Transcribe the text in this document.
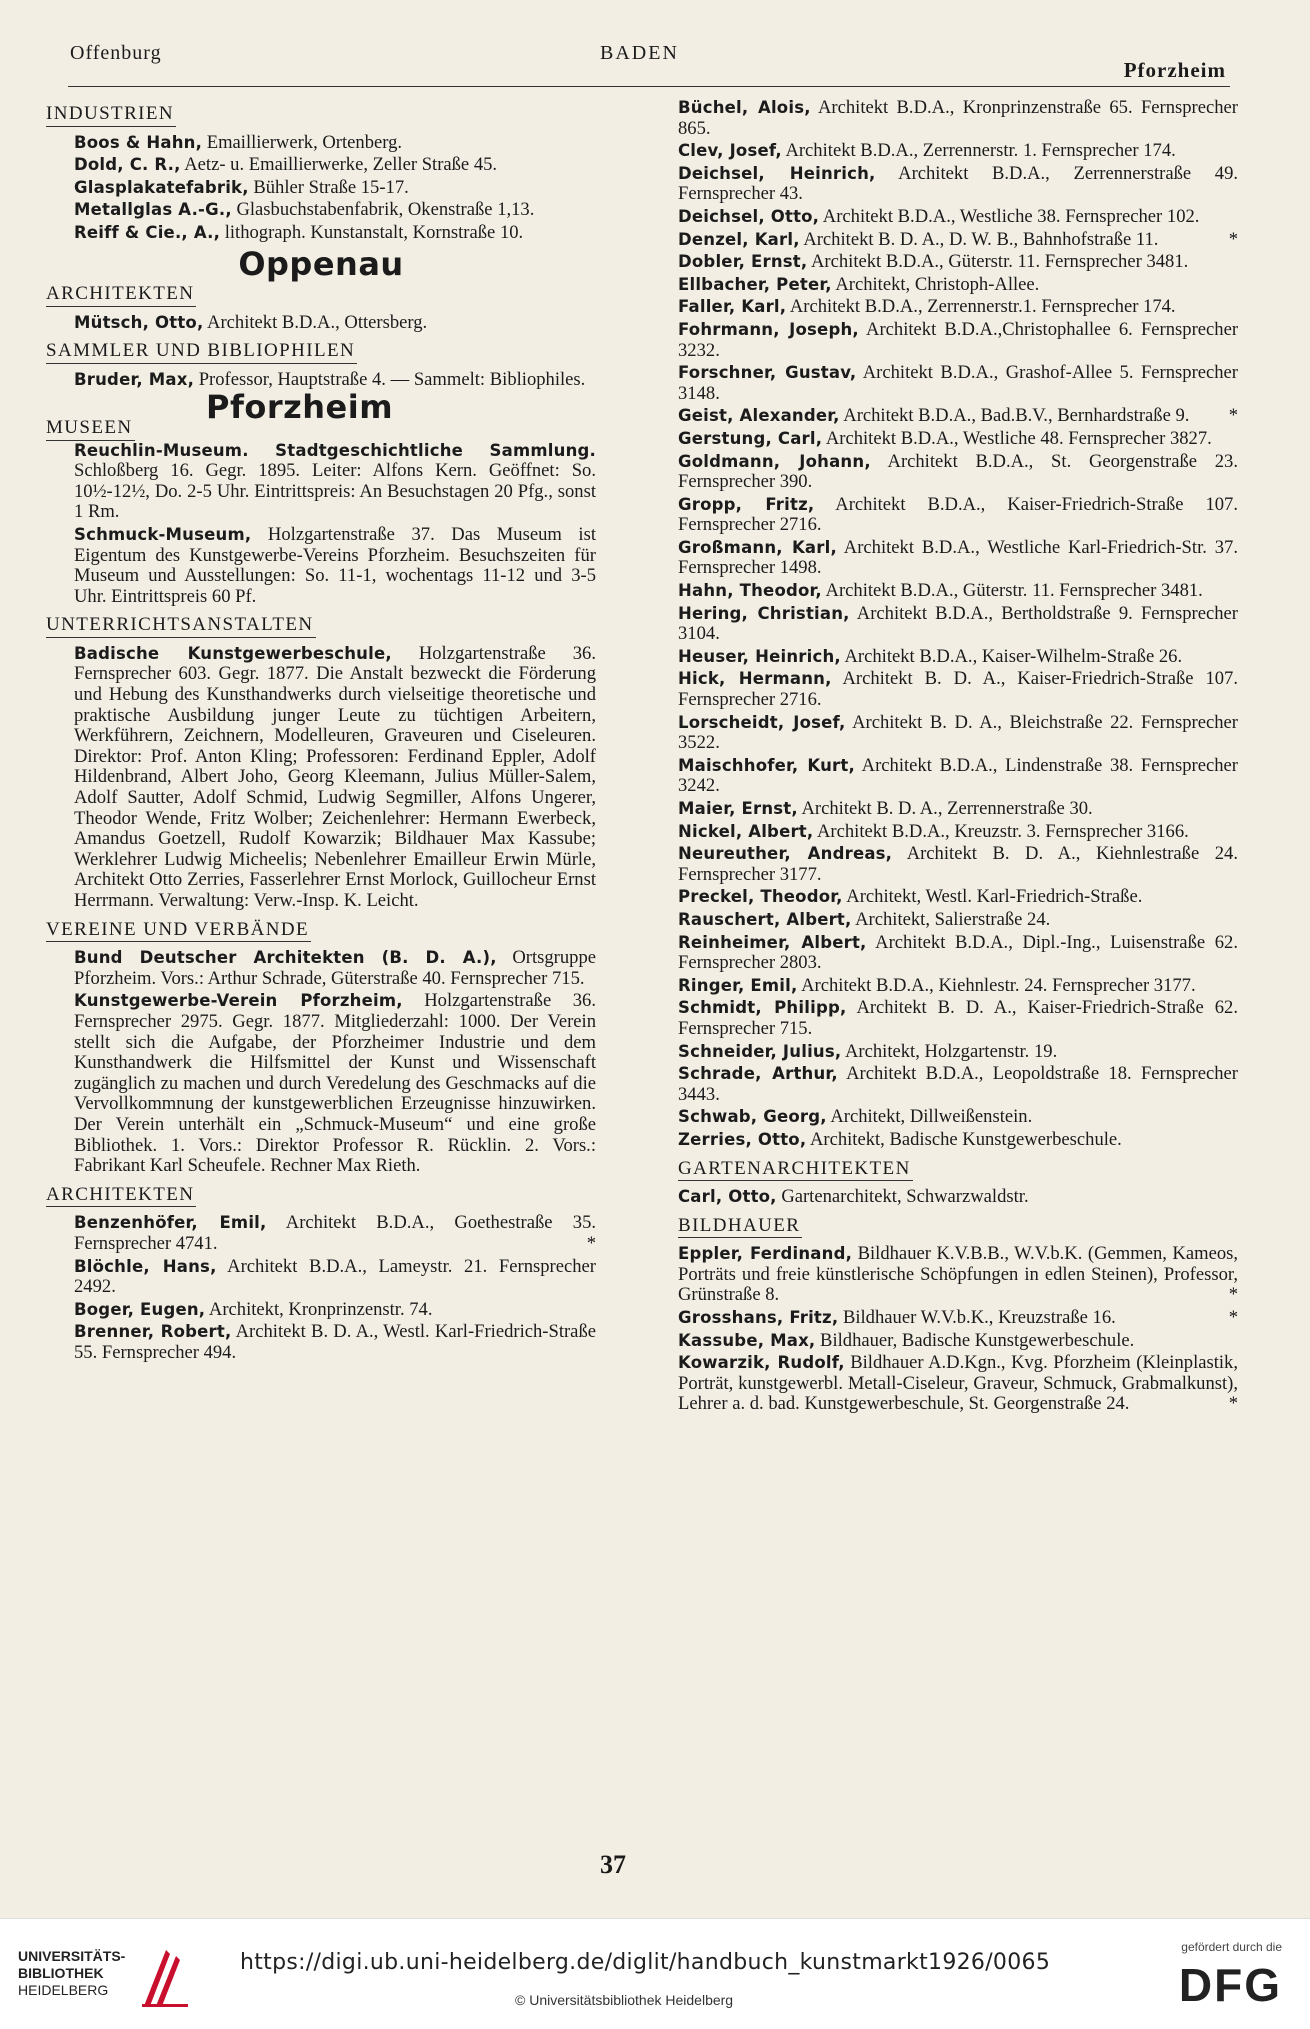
Offenburg	BADEN
Pforzheim
INDUSTRIEN
Boos & Hahn, Emaillierwerk, Ortenberg.
Dold, C. R., Aetz- u. Emaillierwerke, Zeller Straße 45.
Glasplakatefabrik, Bühler Straße 15-17.
Metallglas A.-G., Glasbuchstabenfabrik, Okenstraße 1,13.
Reiff & Cie., A., lithograph. Kunstanstalt, Kornstraße 10.
Oppenau
ARCHITEKTEN
Mütsch, Otto, Architekt B.D.A., Ottersberg.
SAMMLER UND BIBLIOPHILEN
Bruder, Max, Professor, Hauptstraße 4. — Sammelt: Bibliophiles.
MUSEEN
Pforzheim
Reuchlin-Museum. Stadtgeschichtliche Sammlung. Schloßberg 16. Gegr. 1895. Leiter: Alfons Kern. Geöffnet: So. 10½-12½, Do. 2-5 Uhr. Eintrittspreis: An Besuchstagen 20 Pfg., sonst 1 Rm.
Schmuck-Museum, Holzgartenstraße 37. Das Museum ist Eigentum des Kunstgewerbe-Vereins Pforzheim. Besuchszeiten für Museum und Ausstellungen: So. 11-1, wochentags 11-12 und 3-5 Uhr. Eintrittspreis 60 Pf.
UNTERRICHTSANSTALTEN
Badische Kunstgewerbeschule, Holzgartenstraße 36. Fernsprecher 603. Gegr. 1877. Die Anstalt bezweckt die Förderung und Hebung des Kunsthandwerks durch vielseitige theoretische und praktische Ausbildung junger Leute zu tüchtigen Arbeitern, Werkführern, Zeichnern, Modelleuren, Graveuren und Ciseleuren. Direktor: Prof. Anton Kling; Professoren: Ferdinand Eppler, Adolf Hildenbrand, Albert Joho, Georg Kleemann, Julius Müller-Salem, Adolf Sautter, Adolf Schmid, Ludwig Segmiller, Alfons Ungerer, Theodor Wende, Fritz Wolber; Zeichenlehrer: Hermann Ewerbeck, Amandus Goetzell, Rudolf Kowarzik; Bildhauer Max Kassube; Werklehrer Ludwig Micheelis; Nebenlehrer Emailleur Erwin Mürle, Architekt Otto Zerries, Fasserlehrer Ernst Morlock, Guillocheur Ernst Herrmann. Verwaltung: Verw.-Insp. K. Leicht.
VEREINE UND VERBÄNDE
Bund Deutscher Architekten (B. D. A.), Ortsgruppe Pforzheim. Vors.: Arthur Schrade, Güterstraße 40. Fernsprecher 715.
Kunstgewerbe-Verein Pforzheim, Holzgartenstraße 36. Fernsprecher 2975. Gegr. 1877. Mitgliederzahl: 1000. Der Verein stellt sich die Aufgabe, der Pforzheimer Industrie und dem Kunsthandwerk die Hilfsmittel der Kunst und Wissenschaft zugänglich zu machen und durch Veredelung des Geschmacks auf die Vervollkommnung der kunstgewerblichen Erzeugnisse hinzuwirken. Der Verein unterhält ein „Schmuck-Museum“ und eine große Bibliothek. 1. Vors.: Direktor Professor R. Rücklin. 2. Vors.: Fabrikant Karl Scheufele. Rechner Max Rieth.
ARCHITEKTEN
Benzenhöfer, Emil, Architekt B.D.A., Goethestraße 35. Fernsprecher 4741.	*
Blöchle, Hans, Architekt B.D.A., Lameystr. 21. Fernsprecher 2492.
Boger, Eugen, Architekt, Kronprinzenstr. 74.
Brenner, Robert, Architekt B. D. A., Westl. Karl-Friedrich-Straße 55. Fernsprecher 494.
Büchel, Alois, Architekt B.D.A., Kronprinzenstraße 65. Fernsprecher 865.
Clev, Josef, Architekt B.D.A., Zerrennerstr. 1. Fernsprecher 174.
Deichsel, Heinrich, Architekt B.D.A., Zerrennerstraße 49. Fernsprecher 43.
Deichsel, Otto, Architekt B.D.A., Westliche 38. Fernsprecher 102.
Denzel, Karl, Architekt B. D. A., D. W. B., Bahnhofstraße 11.	*
Dobler, Ernst, Architekt B.D.A., Güterstr. 11. Fernsprecher 3481.
Ellbacher, Peter, Architekt, Christoph-Allee.
Faller, Karl, Architekt B.D.A., Zerrennerstr.1. Fernsprecher 174.
Fohrmann, Joseph, Architekt B.D.A.,Christophallee 6. Fernsprecher 3232.
Forschner, Gustav, Architekt B.D.A., Grashof-Allee 5. Fernsprecher 3148.
Geist, Alexander, Architekt B.D.A., Bad.B.V., Bernhardstraße 9. *
Gerstung, Carl, Architekt B.D.A., Westliche 48. Fernsprecher 3827.
Goldmann, Johann, Architekt B.D.A., St. Georgenstraße 23. Fernsprecher 390.
Gropp, Fritz, Architekt B.D.A., Kaiser-Friedrich-Straße 107. Fernsprecher 2716.
Großmann, Karl, Architekt B.D.A., Westliche Karl-Friedrich-Str. 37. Fernsprecher 1498.
Hahn, Theodor, Architekt B.D.A., Güterstr. 11. Fernsprecher 3481.
Hering, Christian, Architekt B.D.A., Bertholdstraße 9. Fernsprecher 3104.
Heuser, Heinrich, Architekt B.D.A., Kaiser-Wilhelm-Straße 26.
Hick, Hermann, Architekt B. D. A., Kaiser-Friedrich-Straße 107. Fernsprecher 2716.
Lorscheidt, Josef, Architekt B. D. A., Bleichstraße 22. Fernsprecher 3522.
Maischhofer, Kurt, Architekt B.D.A., Lindenstraße 38. Fernsprecher 3242.
Maier, Ernst, Architekt B. D. A., Zerrennerstraße 30.
Nickel, Albert, Architekt B.D.A., Kreuzstr. 3. Fernsprecher 3166.
Neureuther, Andreas, Architekt B. D. A., Kiehnlestraße 24. Fernsprecher 3177.
Preckel, Theodor, Architekt, Westl. Karl-Friedrich-Straße.
Rauschert, Albert, Architekt, Salierstraße 24.
Reinheimer, Albert, Architekt B.D.A., Dipl.-Ing., Luisenstraße 62. Fernsprecher 2803.
Ringer, Emil, Architekt B.D.A., Kiehnlestr. 24. Fernsprecher 3177.
Schmidt, Philipp, Architekt B. D. A., Kaiser-Friedrich-Straße 62. Fernsprecher 715.
Schneider, Julius, Architekt, Holzgartenstr. 19.
Schrade, Arthur, Architekt B.D.A., Leopoldstraße 18. Fernsprecher 3443.
Schwab, Georg, Architekt, Dillweißenstein.
Zerries, Otto, Architekt, Badische Kunstgewerbeschule.
GARTENARCHITEKTEN
Carl, Otto, Gartenarchitekt, Schwarzwaldstr.
BILDHAUER
Eppler, Ferdinand, Bildhauer K.V.B.B., W.V.b.K. (Gemmen, Kameos, Porträts und freie künstlerische Schöpfungen in edlen Steinen), Professor, Grünstraße 8.	*
Grosshans, Fritz, Bildhauer W.V.b.K., Kreuzstraße 16.	*
Kassube, Max, Bildhauer, Badische Kunstgewerbeschule.
Kowarzik, Rudolf, Bildhauer A.D.Kgn., Kvg. Pforzheim (Kleinplastik, Porträt, kunstgewerbl. Metall-Ciseleur, Graveur, Schmuck, Grabmalkunst), Lehrer a. d. bad. Kunstgewerbeschule, St. Georgenstraße 24.	*
37
UNIVERSITÄTS-
BIBLIOTHEK
HEIDELBERG
https://digi.ub.uni-heidelberg.de/diglit/handbuch_kunstmarkt1926/0065
© Universitätsbibliothek Heidelberg
gefördert durch die
DFG
